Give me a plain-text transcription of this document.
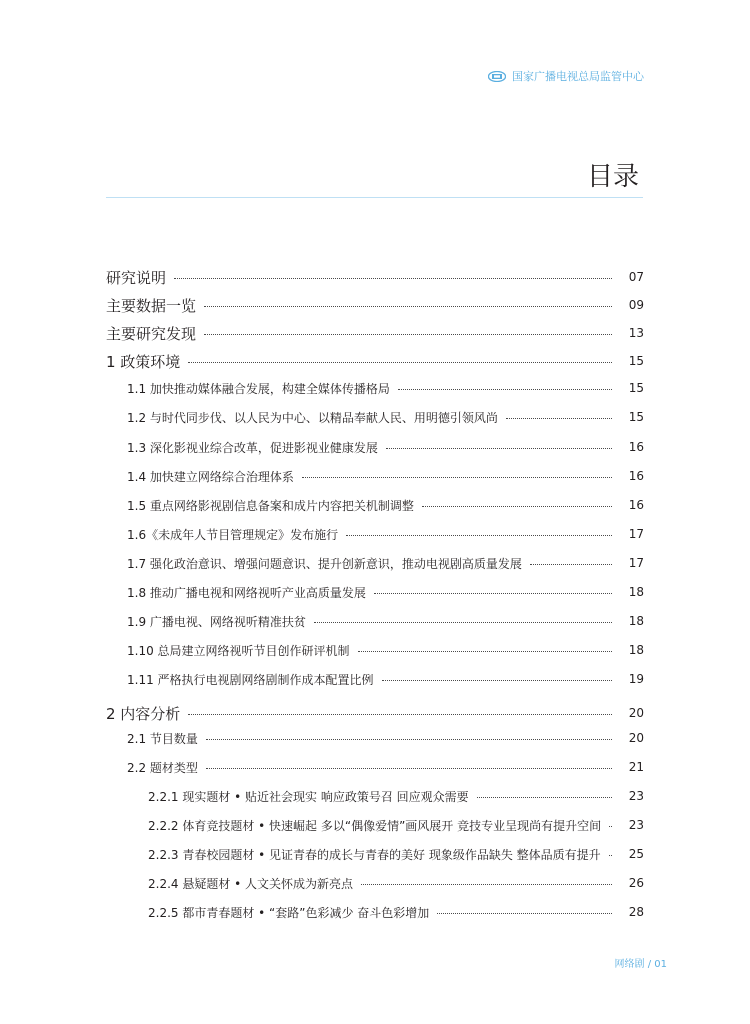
国家广播电视总局监管中心
目录
研究说明	07
主要数据一览	09
主要研究发现	13
1 政策环境	15
1.1 加快推动媒体融合发展，构建全媒体传播格局	15
1.2 与时代同步伐、以人民为中心、以精品奉献人民、用明德引领风尚	15
1.3 深化影视业综合改革，促进影视业健康发展	16
1.4 加快建立网络综合治理体系	16
1.5 重点网络影视剧信息备案和成片内容把关机制调整	16
1.6《未成年人节目管理规定》发布施行	17
1.7 强化政治意识、增强问题意识、提升创新意识，推动电视剧高质量发展	17
1.8 推动广播电视和网络视听产业高质量发展	18
1.9 广播电视、网络视听精准扶贫	18
1.10 总局建立网络视听节目创作研评机制	18
1.11 严格执行电视剧网络剧制作成本配置比例	19
2 内容分析	20
2.1 节目数量	20
2.2 题材类型	21
2.2.1 现实题材 • 贴近社会现实 响应政策号召 回应观众需要	23
2.2.2 体育竞技题材 • 快速崛起 多以“偶像爱情”画风展开 竞技专业呈现尚有提升空间	23
2.2.3 青春校园题材 • 见证青春的成长与青春的美好 现象级作品缺失 整体品质有提升	25
2.2.4 悬疑题材 • 人文关怀成为新亮点	26
2.2.5 都市青春题材 • “套路”色彩减少 奋斗色彩增加	28
网络剧 / 01
